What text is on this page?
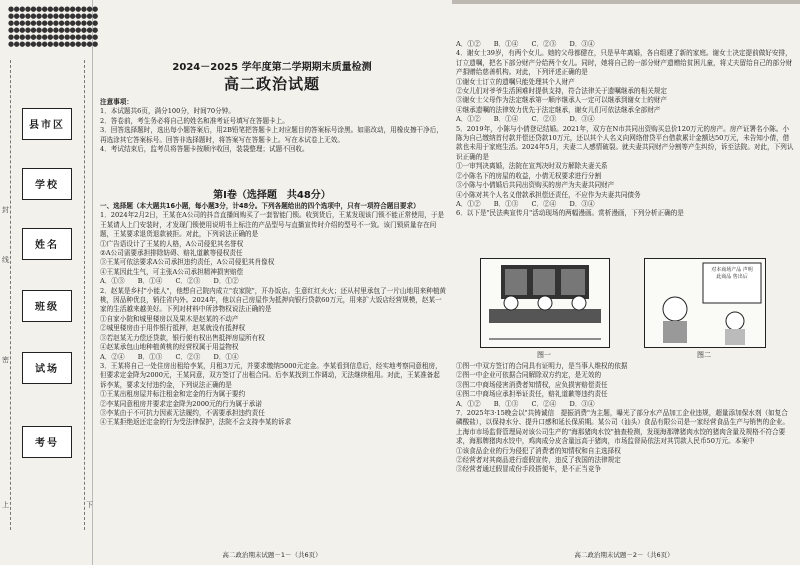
县市区
学校
姓名
班级
试场
考号
封
线
密
上	下
●●●●●●●●●●●●●●●●
●●●●●●●●●●●●●●●●
●●●●●●●●●●●●●●●●
●●●●●●●●●●●●●●●●
●●●●●●●●●●●●●●●●
●●●●●●●●●●●●●●●●
2024－2025 学年度第二学期期末质量检测
高二政治试题

注意事项：

1．本试题共6页，满分100分，时间70分钟。

2．答卷前，考生务必将自己的姓名和准考证号填写在答题卡上。

3．回答选择题时，选出每小题答案后，用2B铅笔把答题卡上对应题目的答案标号涂黑。如需改动，用橡皮擦干净后，再选涂其它答案标号。回答非选择题时，将答案写在答题卡上。写在本试卷上无效。

4．考试结束后，监考员将答题卡按顺序收回，装袋整理；试题不回收。

第Ⅰ卷（选择题　共48分）

一、选择题（本大题共16小题，每小题3分，计48分。下列各题给出的四个选项中，只有一项符合题目要求）

1．2024年2月2日，王某在A公司的抖音直播间购买了一套智能门锁。收到货后，王某发现该门锁不能正常使用，于是王某请人上门安装时，才发现门锁使用说明书上标注的产品型号与直播宣传时介绍的型号不一致。该门锁质量存在问题，王某要求退货退款被拒。对此，下列说法正确的是

①广告语设计了王某的人格，A公司侵犯其名誉权

②A公司需要承担排除妨碍、赔礼道歉等侵权责任

③王某可依法要求A公司承担违约责任，A公司侵犯其肖像权

④王某因此生气，可主张A公司承担精神损害赔偿

A．①③　　B．①④　　C．②③　　D．①②

2．赵某是乡村"小能人"，他想自己院内成立"农家院"，开办饭店。生意红红火火；还从村里承包了一片山地用来种植黄桃，因品种优良，销往省内外。2024年，他以自己房屋作为抵押向银行贷款60万元，用来扩大饭店经营规模，赵某一家的生活越来越美好。下列对材料中所涉物权说法正确的是

①自家小院和城里楼房以及果木是赵某的不动产

②城里楼房由于用作银行抵押，赵某就没有抵押权

③若赵某无力偿还贷款，银行便有权出售抵押房屋所有权

④赵某承包山地种植黄桃的经营权属于用益物权

A．②④　　B．①③　　C．②③　　D．①④

3．王某将自己一处住房出租给李某，月租3万元，并要求缴纳5000元定金。李某看到信息后，经实地考察同意租房，但要求定金降为2000元，王某同意，双方签订了出租合同。后李某找到工作调动，无法继续租用。对此，王某准备起诉李某，要求支付违约金，下列说法正确的是

①王某出租房屋并标注租金和定金的行为属于要约

②李某同意租房并要求定金降为2000元的行为属于承诺

③李某由于不可抗力因素无法履约，不需要承担违约责任

④王某拒绝返还定金的行为受法律保护，法院不会支持李某的诉求

高二政治期末试题－1－（共6页）

A．①②　　B．①④　　C．②③　　D．③④

4．谢女士39岁，有两个女儿。她的父母都健在，只是早年离婚，各自组建了新的家庭。谢女士决定提前做好安排，订立遗嘱，把名下部分财产分给两个女儿。同时，她将自己的一部分财产遗赠给贫困儿童，将丈夫留给自己的部分财产捐赠给慈善机构。对此，下列评述正确的是

①谢女士订立的遗嘱只能处理其个人财产

②女儿们对爷爷生活困难时提供支持，符合法律关于遗嘱继承的相关规定

③谢女士父母作为法定继承第一顺序继承人一定可以继承到谢女士的财产

④继承遗嘱的法律效力优先于法定继承，谢女儿们可依法继承全部财产

A．①②　　B．①④　　C．②③　　D．③④

5．2019年，小陈与小倩登记结婚。2021年，双方在N市共同出资购买总价120万元的房产。房产证署名小陈。小陈为自己缴纳首付款并偿还贷款10万元，还以其个人名义向网络借贷平台借款累计金额达50万元，未告知小倩，借款也未用于家庭生活。2024年5月，夫妻二人感情破裂。就夫妻共同财产分割等产生纠纷，诉至法院。对此，下列认识正确的是

①一审判决离婚，法院在宣判决时双方解除夫妻关系

②小陈名下的房屋的收益，小倩无权要求进行分割

③小陈与小倩婚后共同出资购买的房产为夫妻共同财产

④小陈对其个人名义借款承担偿还责任，不应作为夫妻共同债务

A．①②　　B．①③　　C．②④　　D．③④

6．以下是"民法典宣传月"活动现场的两幅漫画。赏析漫画，下列分析正确的是

图一
对本商场产品 声明
此商品 售出后
图二

①图一中双方签订的合同具有证明力，是当事人维权的依据

②图一中企业可依据合同解除双方约定，是无效的

③图二中商场侵害消费者知情权，应负损害赔偿责任

④图二中商场应承担举证责任，赔礼道歉等违约责任

A．①②　　B．①③　　C．②④　　D．③④

7．2025年3·15晚会以"共铸诚信　提振消费"为主题，曝光了部分水产品加工企业违规，超量添加保水剂（如复合磷酸盐），以保持水分、提升口感和延长保质期。某公司（汕头）食品有限公司是一家经营食品生产与销售的企业。上海市市场监督管理局对该公司生产的"海那猪肉水饺"抽查检测，发现海那牌猪肉水饺的猪肉含量及规格不符合要求，海那牌猪肉水饺中，鸡肉成分皮含量远高于猪肉，市场监督局依法对其罚款人民币50万元。本案中

①该食品企业的行为侵犯了消费者的知情权和自主选择权

②经营者对其商品进行虚假宣传，违反了我国的法律规定

③经营者通过假冒成份手段搭便车，是不正当竞争

高二政治期末试题－2－（共6页）
